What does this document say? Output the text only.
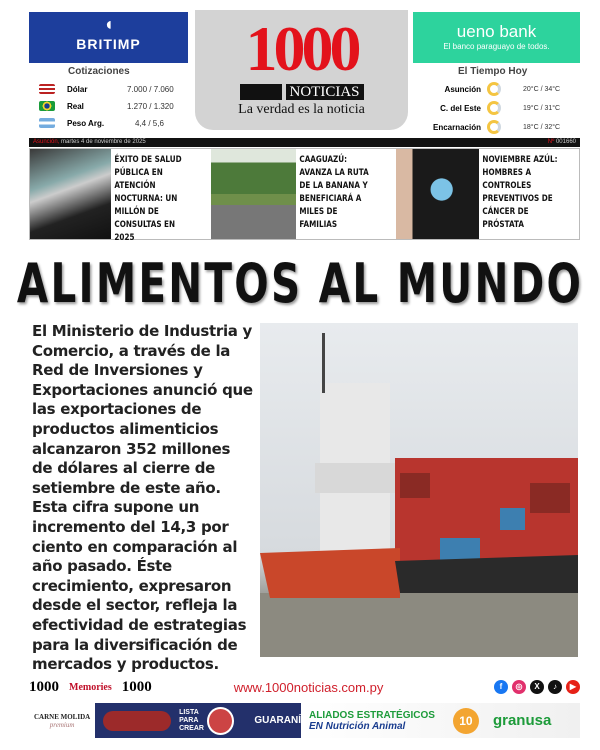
◖
BRITIMP	1000
NOTICIAS
La verdad es la noticia
ueno bank
El banco paraguayo de todos.
Cotizaciones
Dólar	7.000 / 7.060
Real	1.270 / 1.320
Peso Arg.	4,4 / 5,6
El Tiempo Hoy
Asunción	20°C / 34°C
C. del Este	19°C / 31°C
Encarnación	18°C / 32°C
Asunción, martes 4 de noviembre de 2025	Nº 001660
ÉXITO DE SALUD PÚBLICA EN ATENCIÓN NOCTURNA: UN MILLÓN DE CONSULTAS EN 2025
CAAGUAZÚ: AVANZA LA RUTA DE LA BANANA Y BENEFICIARÁ A MILES DE FAMILIAS
NOVIEMBRE AZÚL: HOMBRES A CONTROLES PREVENTIVOS DE CÁNCER DE PRÓSTATA
ALIMENTOS AL MUNDO
El Ministerio de Industria y Comercio, a través de la Red de Inversiones y Exportaciones anunció que las exportaciones de productos alimenticios alcanzaron 352 millones de dólares al cierre de setiembre de este año. Esta cifra supone un incremento del 14,3 por ciento en comparación al año pasado. Éste crecimiento, expresaron desde el sector, refleja la efectividad de estrategias para la diversificación de mercados y productos.
1000 Memories 1000	www.1000noticias.com.py	f	◎	X	♪	▶
CARNE MOLIDA
premium
LISTA PARA CREAR
GUARANÍ ALIADOS ESTRATÉGICOS
EN Nutrición Animal	10	granusa
